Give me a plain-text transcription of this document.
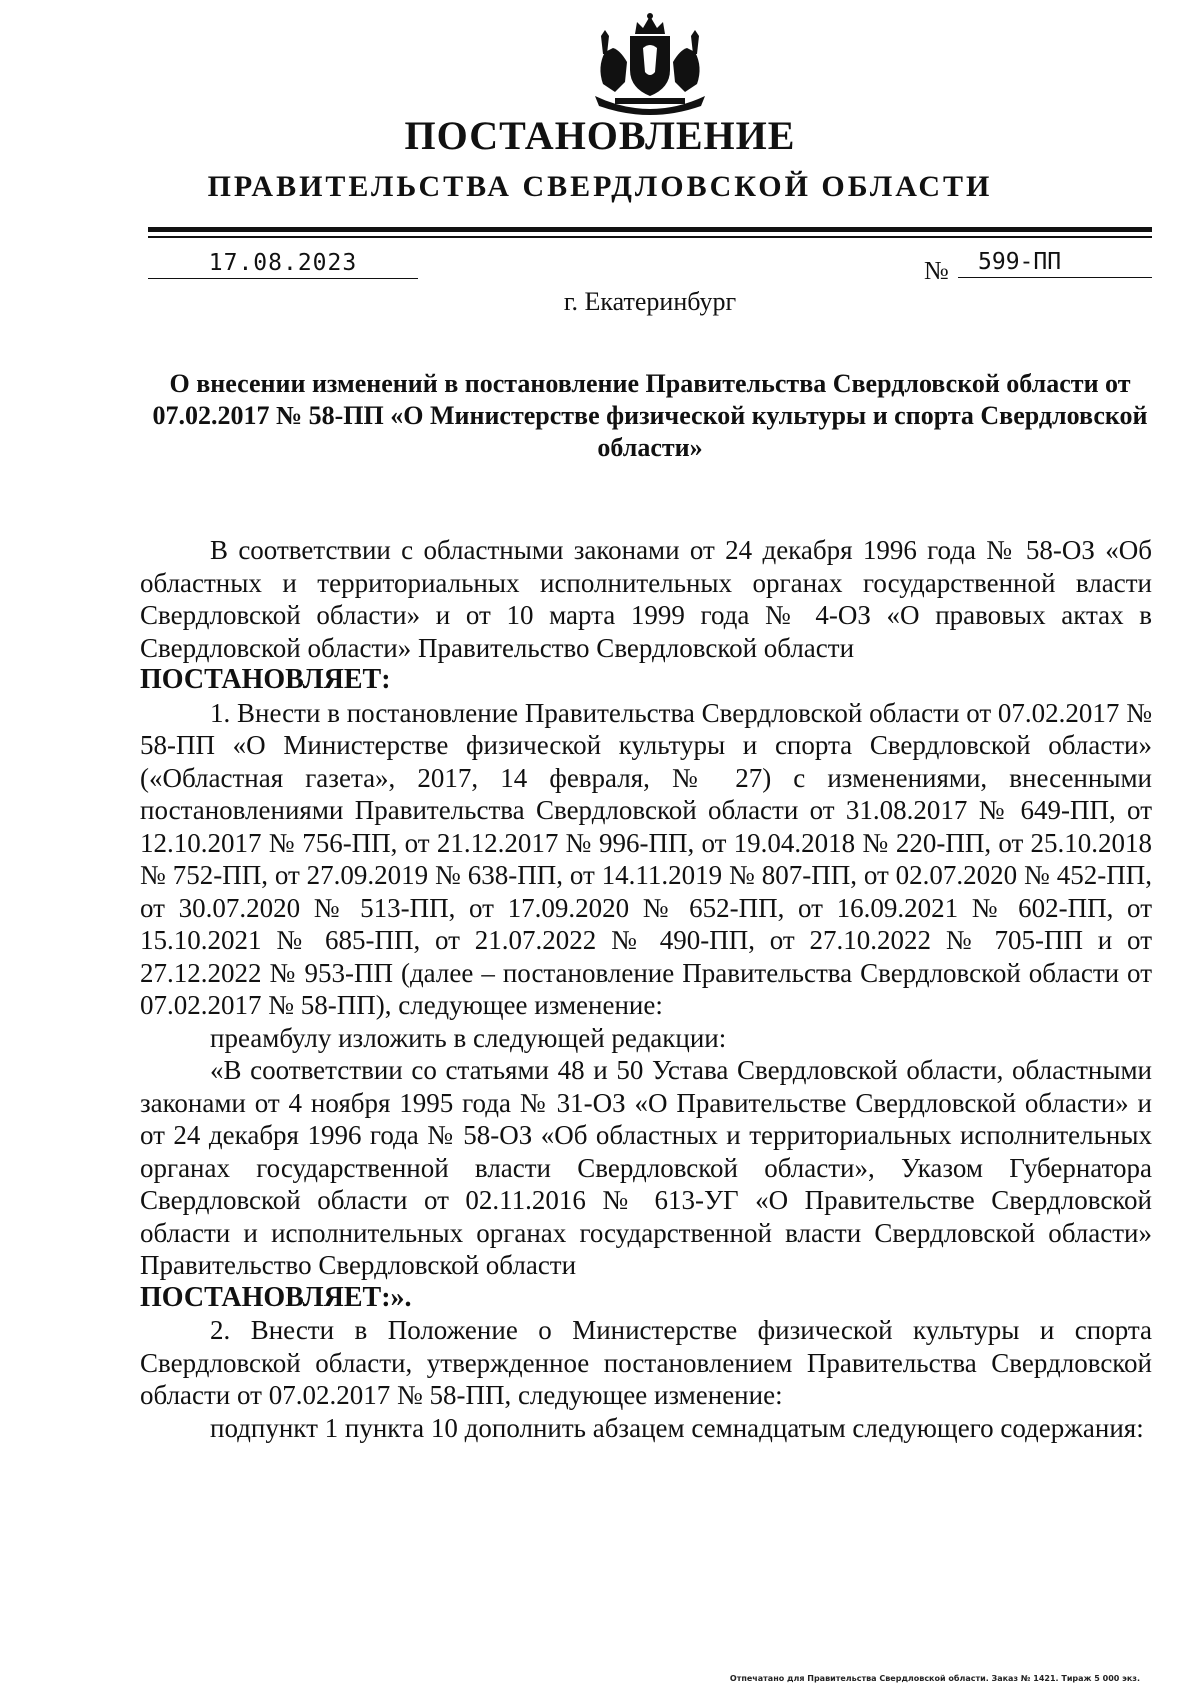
ПОСТАНОВЛЕНИЕ
ПРАВИТЕЛЬСТВА СВЕРДЛОВСКОЙ ОБЛАСТИ
17.08.2023	№	599-ПП
г. Екатеринбург
О внесении изменений в постановление Правительства Свердловской области от 07.02.2017 № 58-ПП «О Министерстве физической культуры и спорта Свердловской области»

В соответствии с областными законами от 24 декабря 1996 года № 58-ОЗ «Об областных и территориальных исполнительных органах государственной власти Свердловской области» и от 10 марта 1999 года № 4-ОЗ «О правовых актах в Свердловской области» Правительство Свердловской области

ПОСТАНОВЛЯЕТ:

1. Внести в постановление Правительства Свердловской области от 07.02.2017 № 58-ПП «О Министерстве физической культуры и спорта Свердловской области» («Областная газета», 2017, 14 февраля, № 27) с изменениями, внесенными постановлениями Правительства Свердловской области от 31.08.2017 № 649-ПП, от 12.10.2017 № 756-ПП, от 21.12.2017 № 996-ПП, от 19.04.2018 № 220-ПП, от 25.10.2018 № 752-ПП, от 27.09.2019 № 638-ПП, от 14.11.2019 № 807-ПП, от 02.07.2020 № 452-ПП, от 30.07.2020 № 513-ПП, от 17.09.2020 № 652-ПП, от 16.09.2021 № 602-ПП, от 15.10.2021 № 685-ПП, от 21.07.2022 № 490-ПП, от 27.10.2022 № 705-ПП и от 27.12.2022 № 953-ПП (далее – постановление Правительства Свердловской области от 07.02.2017 № 58-ПП), следующее изменение:

преамбулу изложить в следующей редакции:

«В соответствии со статьями 48 и 50 Устава Свердловской области, областными законами от 4 ноября 1995 года № 31-ОЗ «О Правительстве Свердловской области» и от 24 декабря 1996 года № 58-ОЗ «Об областных и территориальных исполнительных органах государственной власти Свердловской области», Указом Губернатора Свердловской области от 02.11.2016 № 613-УГ «О Правительстве Свердловской области и исполнительных органах государственной власти Свердловской области» Правительство Свердловской области

ПОСТАНОВЛЯЕТ:».

2. Внести в Положение о Министерстве физической культуры и спорта Свердловской области, утвержденное постановлением Правительства Свердловской области от 07.02.2017 № 58-ПП, следующее изменение:

подпункт 1 пункта 10 дополнить абзацем семнадцатым следующего содержания:

Отпечатано для Правительства Свердловской области. Заказ № 1421. Тираж 5 000 экз.
